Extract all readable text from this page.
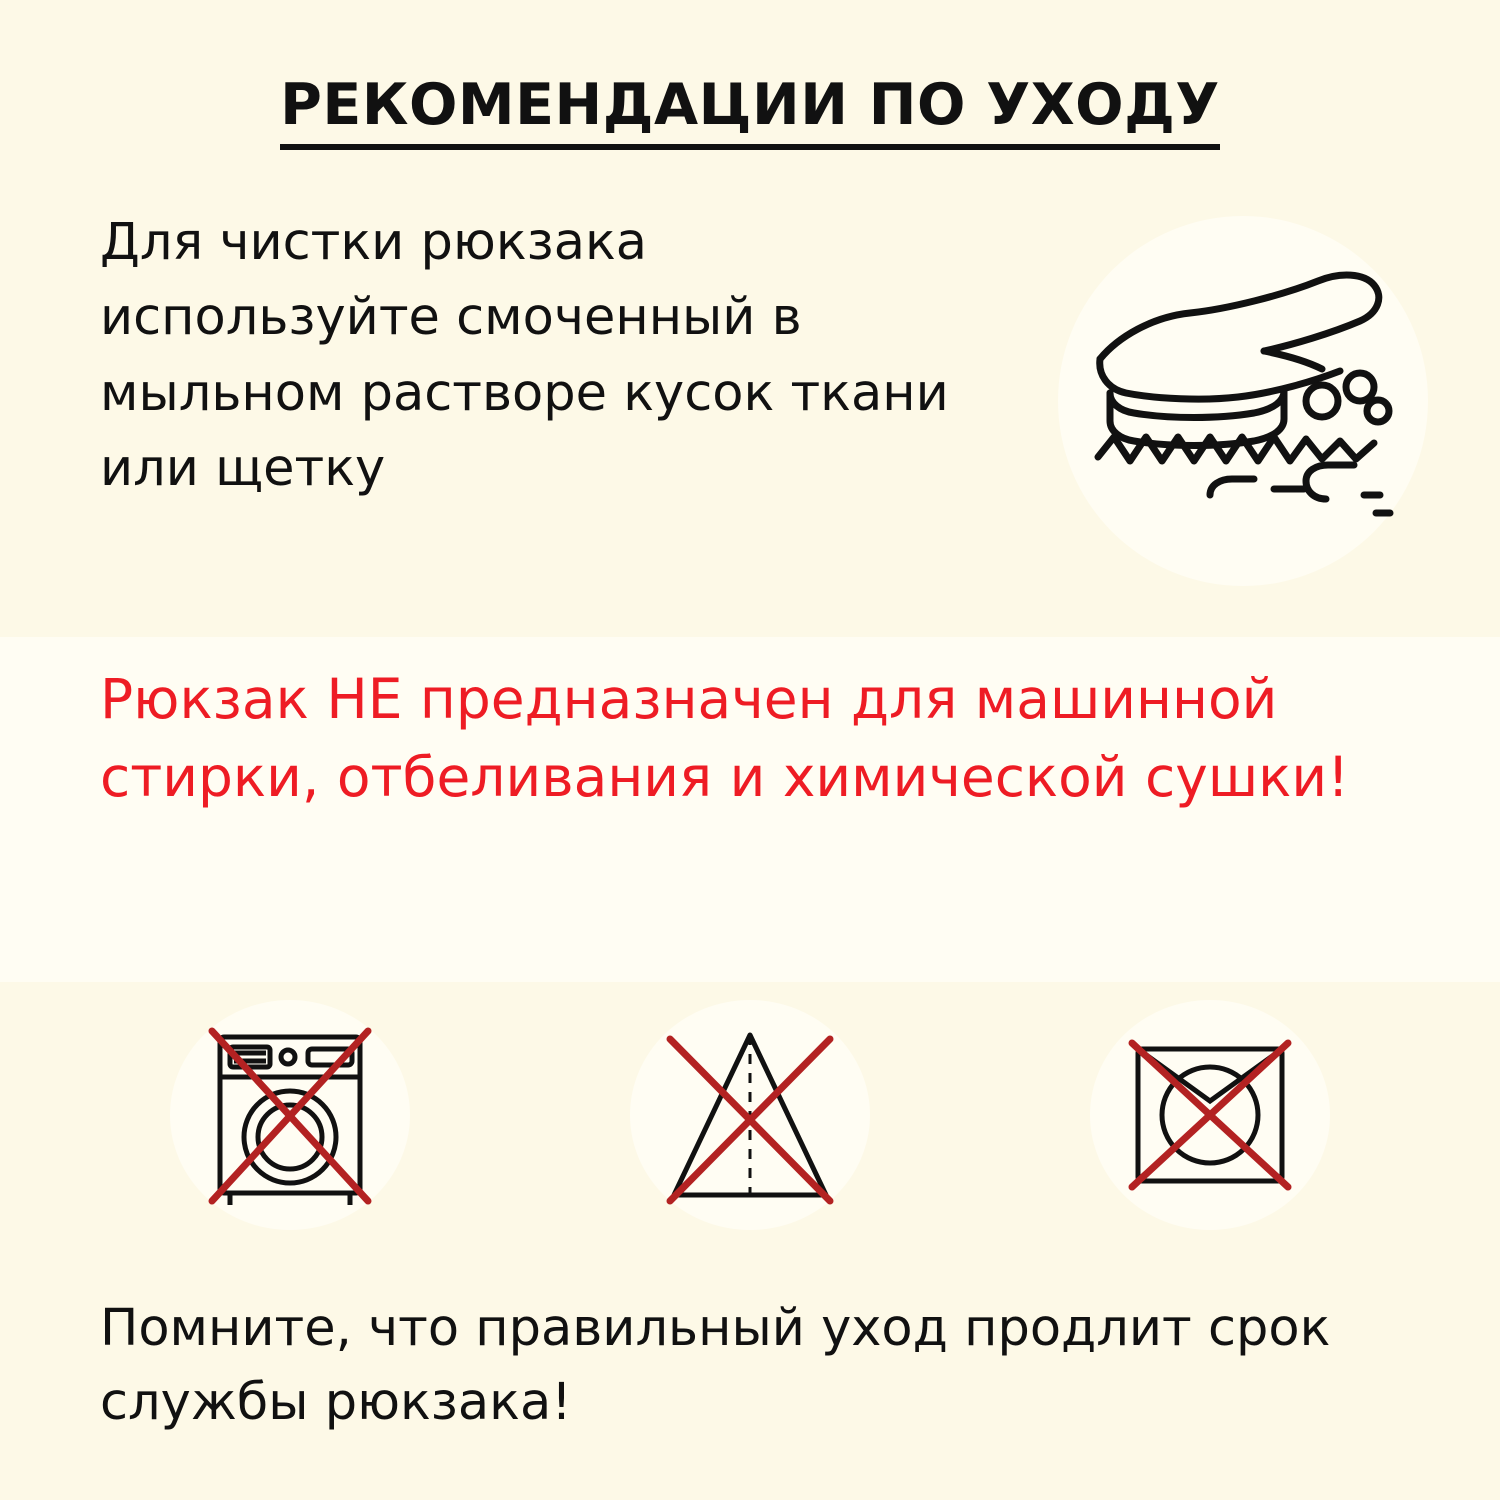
РЕКОМЕНДАЦИИ ПО УХОДУ
Для чистки рюкзака используйте смоченный в мыльном растворе кусок ткани или щетку
Рюкзак НЕ предназначен для машинной стирки, отбеливания и химической сушки!
Помните, что правильный уход продлит срок службы рюкзака!
